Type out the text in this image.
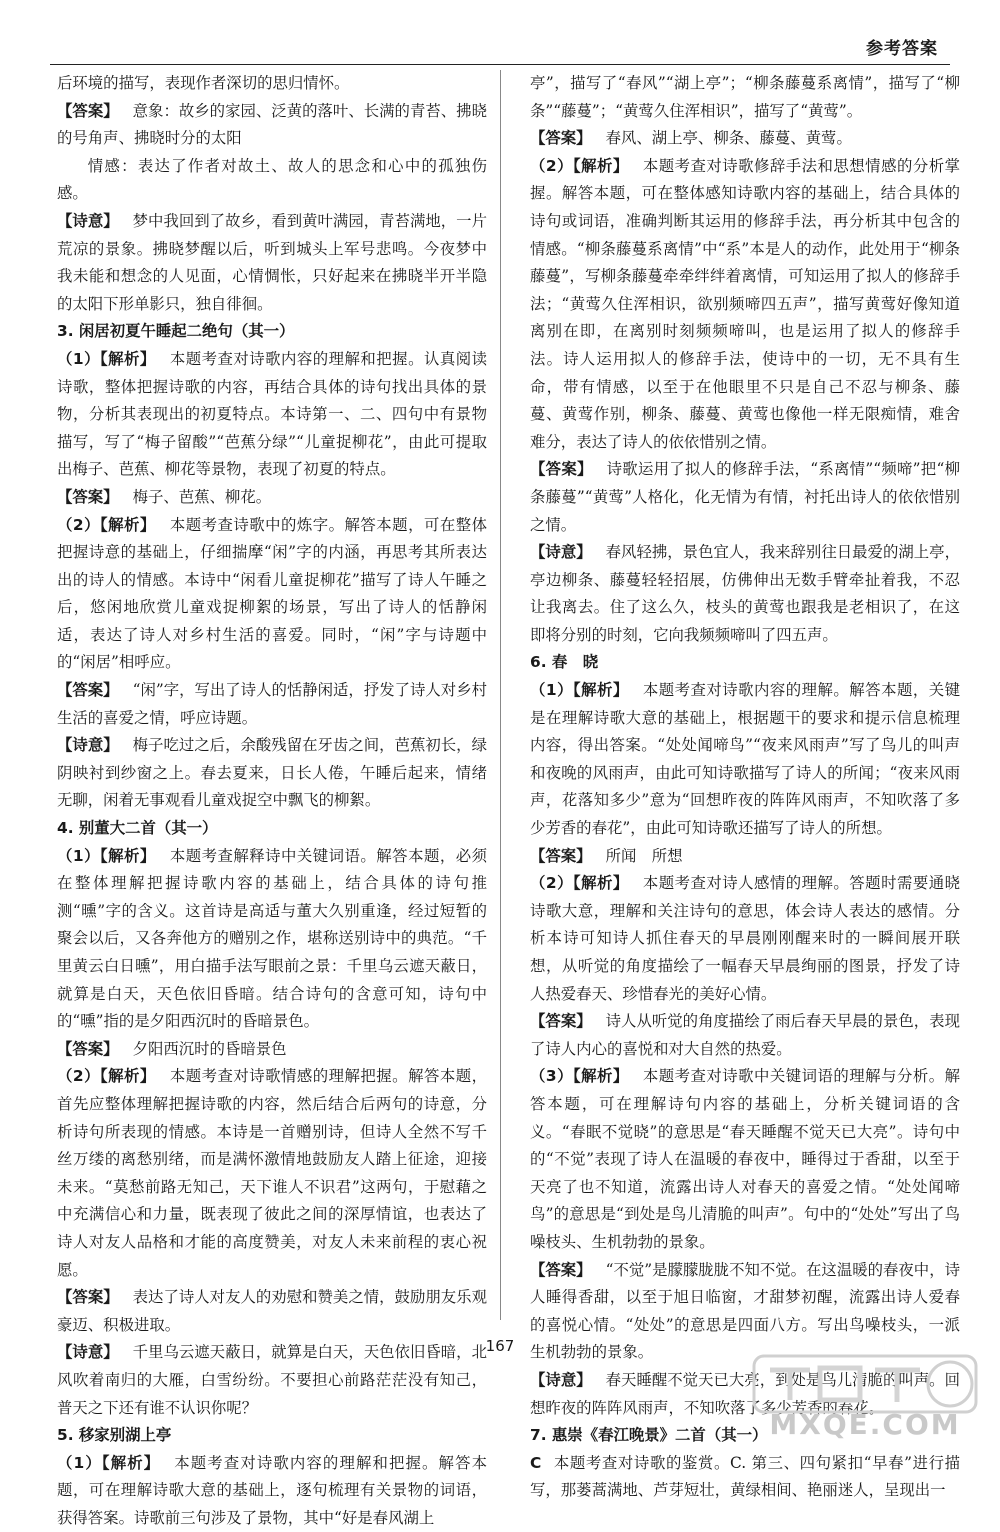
参考答案

后环境的描写，表现作者深切的思归情怀。

【答案】 意象：故乡的家园、泛黄的落叶、长满的青苔、拂晓的号角声、拂晓时分的太阳

情感：表达了作者对故土、故人的思念和心中的孤独伤感。

【诗意】 梦中我回到了故乡，看到黄叶满园，青苔满地，一片荒凉的景象。拂晓梦醒以后，听到城头上军号悲鸣。今夜梦中我未能和想念的人见面，心情惆怅，只好起来在拂晓半开半隐的太阳下形单影只，独自徘徊。

3. 闲居初夏午睡起二绝句（其一）

（1）【解析】 本题考查对诗歌内容的理解和把握。认真阅读诗歌，整体把握诗歌的内容，再结合具体的诗句找出具体的景物，分析其表现出的初夏特点。本诗第一、二、四句中有景物描写，写了“梅子留酸”“芭蕉分绿”“儿童捉柳花”，由此可提取出梅子、芭蕉、柳花等景物，表现了初夏的特点。

【答案】 梅子、芭蕉、柳花。

（2）【解析】 本题考查诗歌中的炼字。解答本题，可在整体把握诗意的基础上，仔细揣摩“闲”字的内涵，再思考其所表达出的诗人的情感。本诗中“闲看儿童捉柳花”描写了诗人午睡之后，悠闲地欣赏儿童戏捉柳絮的场景，写出了诗人的恬静闲适，表达了诗人对乡村生活的喜爱。同时，“闲”字与诗题中的“闲居”相呼应。

【答案】 “闲”字，写出了诗人的恬静闲适，抒发了诗人对乡村生活的喜爱之情，呼应诗题。

【诗意】 梅子吃过之后，余酸残留在牙齿之间，芭蕉初长，绿阴映衬到纱窗之上。春去夏来，日长人倦，午睡后起来，情绪无聊，闲着无事观看儿童戏捉空中飘飞的柳絮。

4. 别董大二首（其一）

（1）【解析】 本题考查解释诗中关键词语。解答本题，必须在整体理解把握诗歌内容的基础上，结合具体的诗句推测“曛”字的含义。这首诗是高适与董大久别重逢，经过短暂的聚会以后，又各奔他方的赠别之作，堪称送别诗中的典范。“千里黄云白日曛”，用白描手法写眼前之景：千里乌云遮天蔽日，就算是白天，天色依旧昏暗。结合诗句的含意可知，诗句中的“曛”指的是夕阳西沉时的昏暗景色。

【答案】 夕阳西沉时的昏暗景色

（2）【解析】 本题考查对诗歌情感的理解把握。解答本题，首先应整体理解把握诗歌的内容，然后结合后两句的诗意，分析诗句所表现的情感。本诗是一首赠别诗，但诗人全然不写千丝万缕的离愁别绪，而是满怀激情地鼓励友人踏上征途，迎接未来。“莫愁前路无知己，天下谁人不识君”这两句，于慰藉之中充满信心和力量，既表现了彼此之间的深厚情谊，也表达了诗人对友人品格和才能的高度赞美，对友人未来前程的衷心祝愿。

【答案】 表达了诗人对友人的劝慰和赞美之情，鼓励朋友乐观豪迈、积极进取。

【诗意】 千里乌云遮天蔽日，就算是白天，天色依旧昏暗，北风吹着南归的大雁，白雪纷纷。不要担心前路茫茫没有知己，普天之下还有谁不认识你呢？

5. 移家别湖上亭

（1）【解析】 本题考查对诗歌内容的理解和把握。解答本题，可在理解诗歌大意的基础上，逐句梳理有关景物的词语，获得答案。诗歌前三句涉及了景物，其中“好是春风湖上

亭”，描写了“春风”“湖上亭”；“柳条藤蔓系离情”，描写了“柳条”“藤蔓”；“黄莺久住浑相识”，描写了“黄莺”。

【答案】 春风、湖上亭、柳条、藤蔓、黄莺。

（2）【解析】 本题考查对诗歌修辞手法和思想情感的分析掌握。解答本题，可在整体感知诗歌内容的基础上，结合具体的诗句或词语，准确判断其运用的修辞手法，再分析其中包含的情感。“柳条藤蔓系离情”中“系”本是人的动作，此处用于“柳条藤蔓”，写柳条藤蔓牵牵绊绊着离情，可知运用了拟人的修辞手法；“黄莺久住浑相识，欲别频啼四五声”，描写黄莺好像知道离别在即，在离别时刻频频啼叫，也是运用了拟人的修辞手法。诗人运用拟人的修辞手法，使诗中的一切，无不具有生命，带有情感，以至于在他眼里不只是自己不忍与柳条、藤蔓、黄莺作别，柳条、藤蔓、黄莺也像他一样无限痴情，难舍难分，表达了诗人的依依惜别之情。

【答案】 诗歌运用了拟人的修辞手法，“系离情”“频啼”把“柳条藤蔓”“黄莺”人格化，化无情为有情，衬托出诗人的依依惜别之情。

【诗意】 春风轻拂，景色宜人，我来辞别往日最爱的湖上亭，亭边柳条、藤蔓轻轻招展，仿佛伸出无数手臂牵扯着我，不忍让我离去。住了这么久，枝头的黄莺也跟我是老相识了，在这即将分别的时刻，它向我频频啼叫了四五声。

6. 春　晓

（1）【解析】 本题考查对诗歌内容的理解。解答本题，关键是在理解诗歌大意的基础上，根据题干的要求和提示信息梳理内容，得出答案。“处处闻啼鸟”“夜来风雨声”写了鸟儿的叫声和夜晚的风雨声，由此可知诗歌描写了诗人的所闻；“夜来风雨声，花落知多少”意为“回想昨夜的阵阵风雨声，不知吹落了多少芳香的春花”，由此可知诗歌还描写了诗人的所想。

【答案】 所闻　所想

（2）【解析】 本题考查对诗人感情的理解。答题时需要通晓诗歌大意，理解和关注诗句的意思，体会诗人表达的感情。分析本诗可知诗人抓住春天的早晨刚刚醒来时的一瞬间展开联想，从听觉的角度描绘了一幅春天早晨绚丽的图景，抒发了诗人热爱春天、珍惜春光的美好心情。

【答案】 诗人从听觉的角度描绘了雨后春天早晨的景色，表现了诗人内心的喜悦和对大自然的热爱。

（3）【解析】 本题考查对诗歌中关键词语的理解与分析。解答本题，可在理解诗句内容的基础上，分析关键词语的含义。“春眠不觉晓”的意思是“春天睡醒不觉天已大亮”。诗句中的“不觉”表现了诗人在温暖的春夜中，睡得过于香甜，以至于天亮了也不知道，流露出诗人对春天的喜爱之情。“处处闻啼鸟”的意思是“到处是鸟儿清脆的叫声”。句中的“处处”写出了鸟噪枝头、生机勃勃的景象。

【答案】 “不觉”是朦朦胧胧不知不觉。在这温暖的春夜中，诗人睡得香甜，以至于旭日临窗，才甜梦初醒，流露出诗人爱春的喜悦心情。“处处”的意思是四面八方。写出鸟噪枝头，一派生机勃勃的景象。

【诗意】 春天睡醒不觉天已大亮，到处是鸟儿清脆的叫声。回想昨夜的阵阵风雨声，不知吹落了多少芳香的春花。

7. 惠崇《春江晚景》二首（其一）

C 本题考查对诗歌的鉴赏。C. 第三、四句紧扣“早春”进行描写，那蒌蒿满地、芦芽短壮，黄绿相间、艳丽迷人，呈现出一

167
MXQE.COM
